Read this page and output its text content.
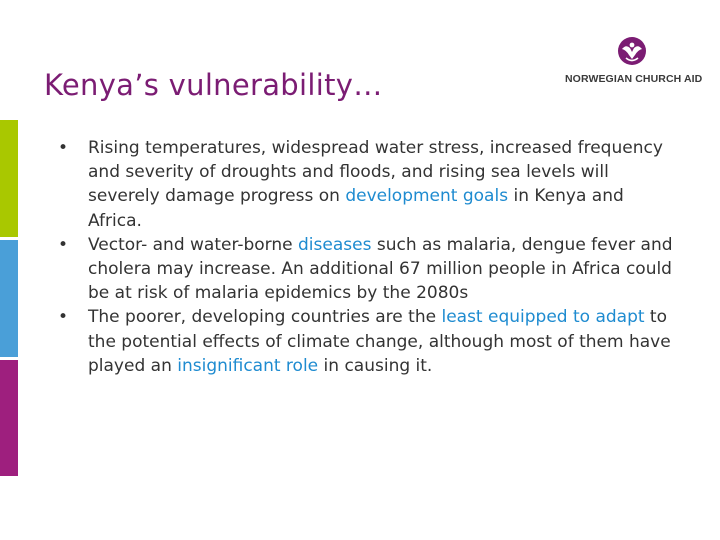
Kenya’s vulnerability…	NORWEGIAN CHURCH AID
•	Rising temperatures, widespread water stress, increased frequency and severity of droughts and floods, and rising sea levels will severely damage progress on development goals in Kenya and Africa.
•	Vector- and water-borne diseases such as malaria, dengue fever and cholera may increase. An additional 67 million people in Africa could be at risk of malaria epidemics by the 2080s
•	The poorer, developing countries are the least equipped to adapt to the potential effects of climate change, although most of them have played an insignificant role in causing it.
